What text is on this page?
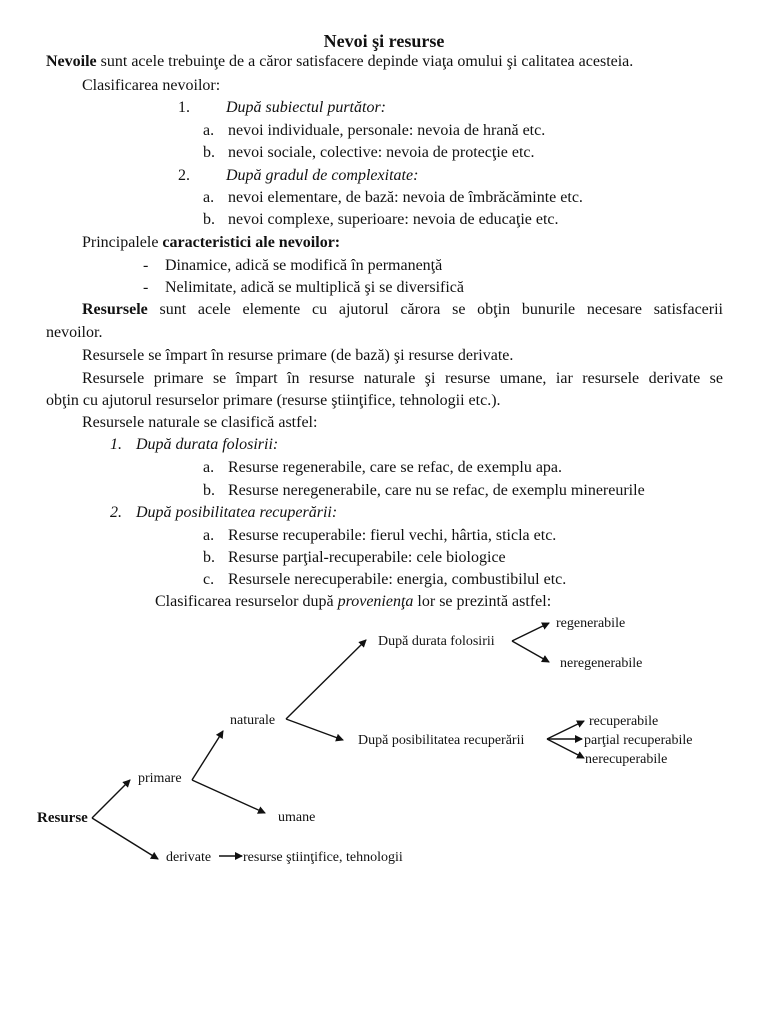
Nevoi şi resurse
Nevoile sunt acele trebuinţe de a căror satisfacere depinde viaţa omului şi calitatea acesteia.
Clasificarea nevoilor:
1. După subiectul purtător:
a. nevoi individuale, personale: nevoia de hrană etc.
b. nevoi sociale, colective: nevoia de protecţie etc.
2. După gradul de complexitate:
a. nevoi elementare, de bază: nevoia de îmbrăcăminte etc.
b. nevoi complexe, superioare: nevoia de educaţie etc.
Principalele caracteristici ale nevoilor:
- Dinamice, adică se modifică în permanenţă
- Nelimitate, adică se multiplică şi se diversifică
Resursele sunt acele elemente cu ajutorul cărora se obţin bunurile necesare satisfacerii
nevoilor.
Resursele se împart în resurse primare (de bază) şi resurse derivate.
Resursele primare se împart în resurse naturale şi resurse umane, iar resursele derivate se
obţin cu ajutorul resurselor primare (resurse ştiinţifice, tehnologii etc.).
Resursele naturale se clasifică astfel:
1. După durata folosirii:
a. Resurse regenerabile, care se refac, de exemplu apa.
b. Resurse neregenerabile, care nu se refac, de exemplu minereurile
2. După posibilitatea recuperării:
a. Resurse recuperabile: fierul vechi, hârtia, sticla etc.
b. Resurse parţial-recuperabile: cele biologice
c. Resursele nerecuperabile: energia, combustibilul etc.
Clasificarea resurselor după provenienţa lor se prezintă astfel:
Resurse
primare
derivate resurse ştiinţifice, tehnologii
naturale
umane
După durata folosirii
regenerabile
neregenerabile
După posibilitatea recuperării
recuperabile
parţial recuperabile
nerecuperabile
